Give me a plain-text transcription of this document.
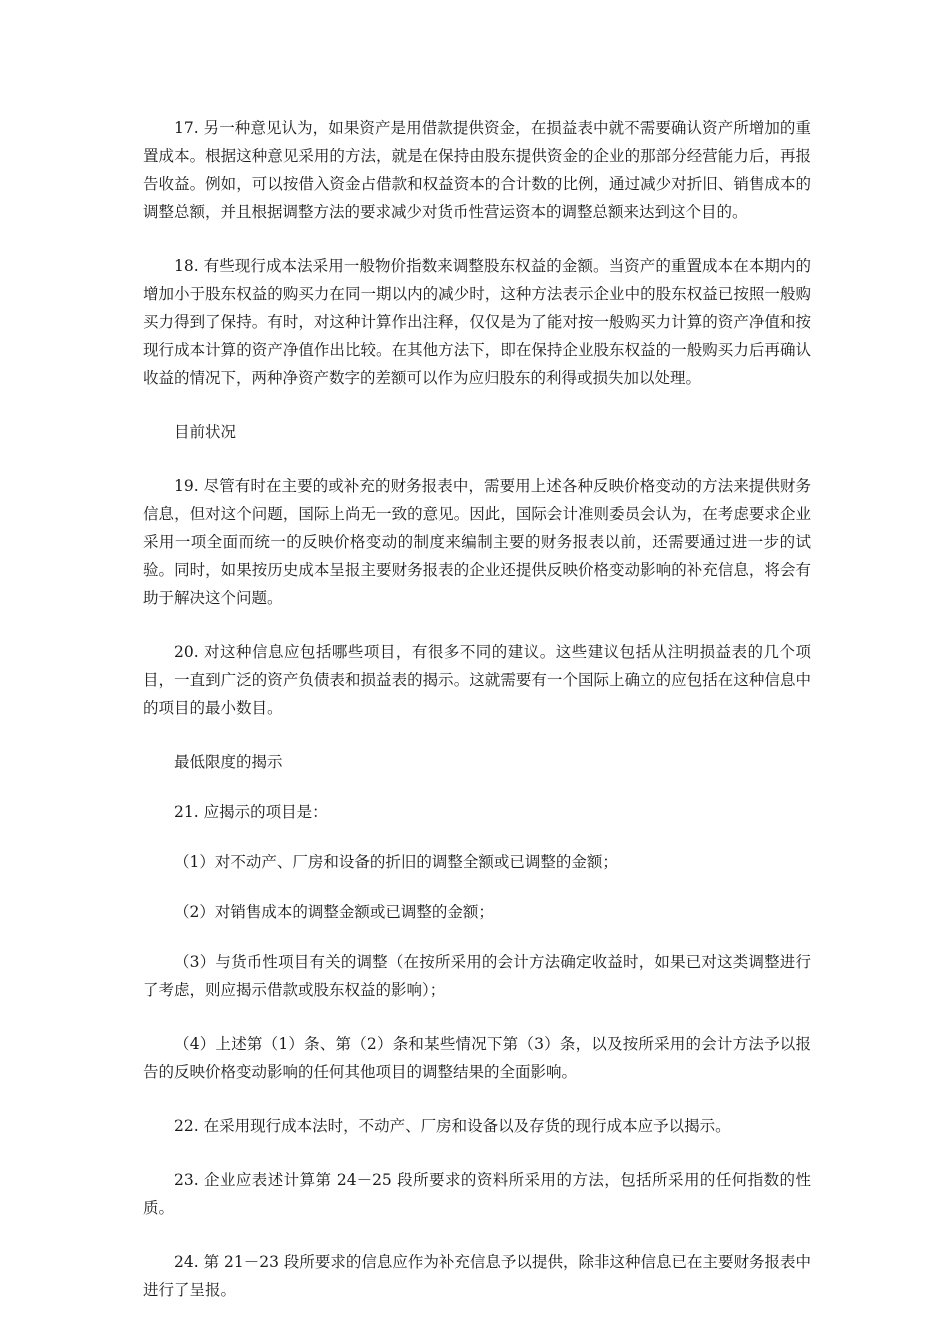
17. 另一种意见认为，如果资产是用借款提供资金，在损益表中就不需要确认资产所增加的重置成本。根据这种意见采用的方法，就是在保持由股东提供资金的企业的那部分经营能力后，再报告收益。例如，可以按借入资金占借款和权益资本的合计数的比例，通过减少对折旧、销售成本的调整总额，并且根据调整方法的要求减少对货币性营运资本的调整总额来达到这个目的。

18. 有些现行成本法采用一般物价指数来调整股东权益的金额。当资产的重置成本在本期内的增加小于股东权益的购买力在同一期以内的减少时，这种方法表示企业中的股东权益已按照一般购买力得到了保持。有时，对这种计算作出注释，仅仅是为了能对按一般购买力计算的资产净值和按现行成本计算的资产净值作出比较。在其他方法下，即在保持企业股东权益的一般购买力后再确认收益的情况下，两种净资产数字的差额可以作为应归股东的利得或损失加以处理。

目前状况

19. 尽管有时在主要的或补充的财务报表中，需要用上述各种反映价格变动的方法来提供财务信息，但对这个问题，国际上尚无一致的意见。因此，国际会计准则委员会认为，在考虑要求企业采用一项全面而统一的反映价格变动的制度来编制主要的财务报表以前，还需要通过进一步的试验。同时，如果按历史成本呈报主要财务报表的企业还提供反映价格变动影响的补充信息，将会有助于解决这个问题。

20. 对这种信息应包括哪些项目，有很多不同的建议。这些建议包括从注明损益表的几个项目，一直到广泛的资产负债表和损益表的揭示。这就需要有一个国际上确立的应包括在这种信息中的项目的最小数目。

最低限度的揭示

21. 应揭示的项目是：

（1）对不动产、厂房和设备的折旧的调整全额或已调整的金额；

（2）对销售成本的调整金额或已调整的金额；

（3）与货币性项目有关的调整（在按所采用的会计方法确定收益时，如果已对这类调整进行了考虑，则应揭示借款或股东权益的影响）；

（4）上述第（1）条、第（2）条和某些情况下第（3）条，以及按所采用的会计方法予以报告的反映价格变动影响的任何其他项目的调整结果的全面影响。

22. 在采用现行成本法时，不动产、厂房和设备以及存货的现行成本应予以揭示。

23. 企业应表述计算第 24－25 段所要求的资料所采用的方法，包括所采用的任何指数的性质。

24. 第 21－23 段所要求的信息应作为补充信息予以提供，除非这种信息已在主要财务报表中进行了呈报。
